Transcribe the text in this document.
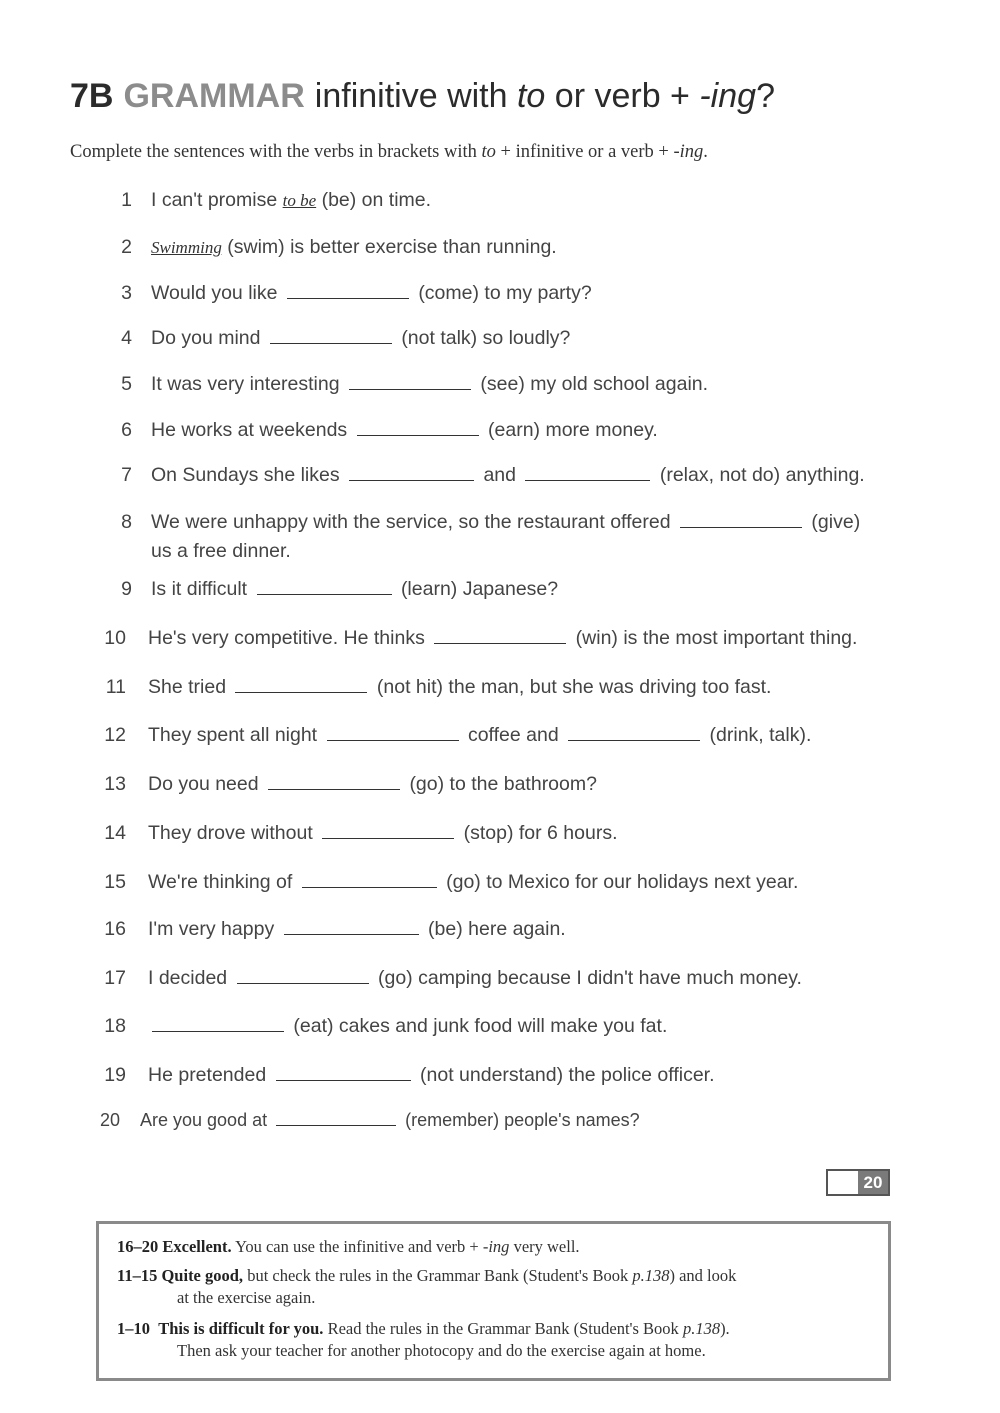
7B GRAMMAR infinitive with to or verb + -ing?
Complete the sentences with the verbs in brackets with to + infinitive or a verb + -ing.
1 I can't promise to be (be) on time.
2 Swimming (swim) is better exercise than running.
3 Would you like	(come) to my party?
4 Do you mind	(not talk) so loudly?
5 It was very interesting	(see) my old school again.
6 He works at weekends	(earn) more money.
7 On Sundays she likes	and	(relax, not do) anything.
8 We were unhappy with the service, so the restaurant offered	(give)
us a free dinner.
9 Is it difficult	(learn) Japanese?
10 He's very competitive. He thinks	(win) is the most important thing.
11 She tried	(not hit) the man, but she was driving too fast.
12 They spent all night	coffee and	(drink, talk).
13 Do you need	(go) to the bathroom?
14 They drove without	(stop) for 6 hours.
15 We're thinking of	(go) to Mexico for our holidays next year.
16 I'm very happy	(be) here again.
17 I decided	(go) camping because I didn't have much money.
18	(eat) cakes and junk food will make you fat.
19 He pretended	(not understand) the police officer.
20 Are you good at	(remember) people's names?
20
16–20 Excellent. You can use the infinitive and verb + -ing very well.
11–15 Quite good, but check the rules in the Grammar Bank (Student's Book p.138) and look
at the exercise again.
1–10 This is difficult for you. Read the rules in the Grammar Bank (Student's Book p.138).
Then ask your teacher for another photocopy and do the exercise again at home.
